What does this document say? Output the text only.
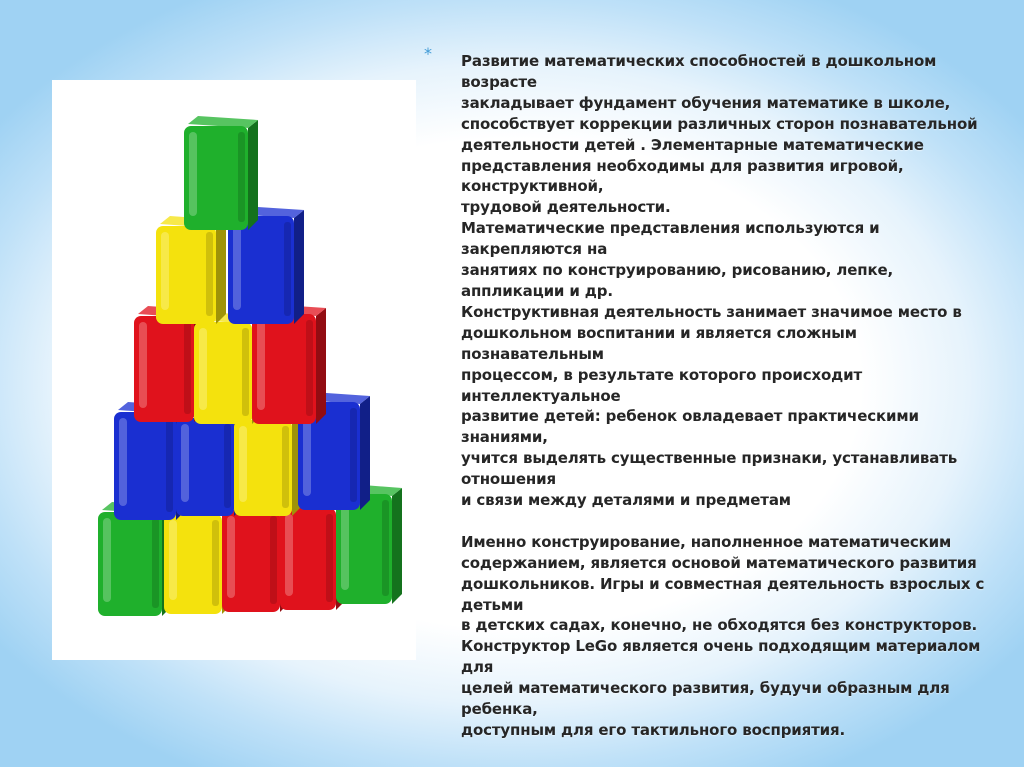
* Развитие математических способностей в дошкольном
возрасте
закладывает фундамент обучения математике в школе,
способствует коррекции различных сторон познавательной
деятельности детей . Элементарные математические
представления необходимы для развития игровой,
конструктивной,
трудовой деятельности.
Математические представления используются и
закрепляются на
занятиях по конструированию, рисованию, лепке,
аппликации и др.
Конструктивная деятельность занимает значимое место в
дошкольном воспитании и является сложным
познавательным
процессом, в результате которого происходит
интеллектуальное
развитие детей: ребенок овладевает практическими
знаниями,
учится выделять существенные признаки, устанавливать
отношения
и связи между деталями и предметам
Именно конструирование, наполненное математическим
содержанием, является основой математического развития
дошкольников. Игры и совместная деятельность взрослых с
детьми
в детских садах, конечно, не обходятся без конструкторов.
Конструктор LeGo является очень подходящим материалом
для
целей математического развития, будучи образным для
ребенка,
доступным для его тактильного восприятия.
